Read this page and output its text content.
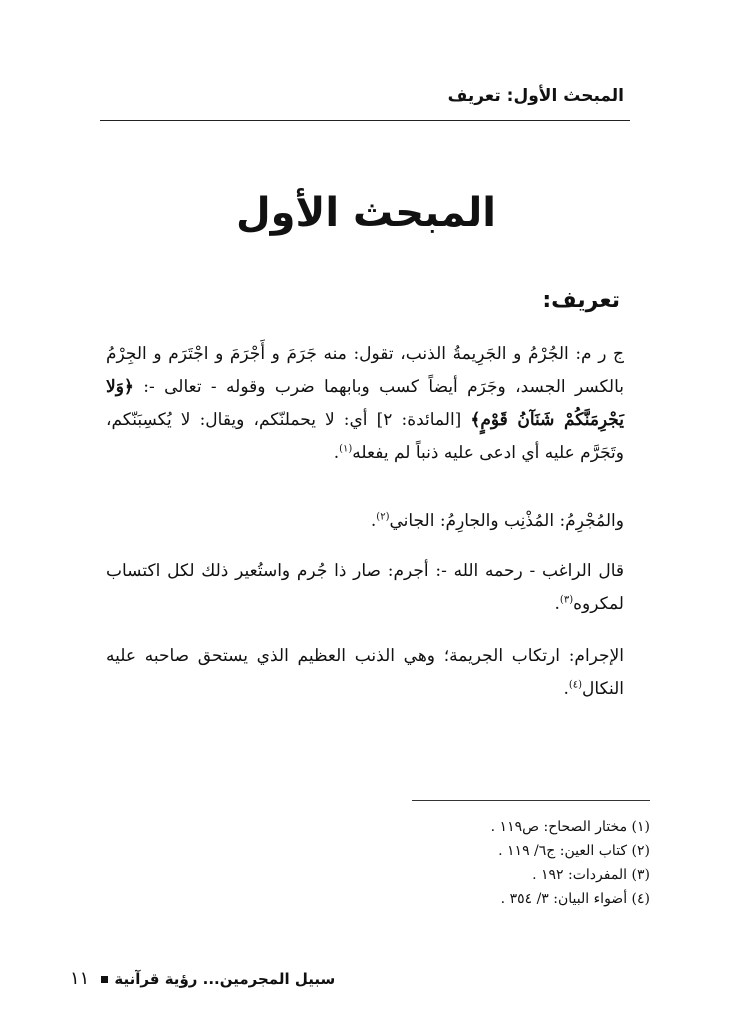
المبحث الأول: تعريف
المبحث الأول
تعريف:

ج ر م: الجُرْمُ و الجَرِيمةُ الذنب، تقول: منه جَرَمَ و أَجْرَمَ و اجْتَرَم و الجِرْمُ بالكسر الجسد، وجَرَم أيضاً كسب وبابهما ضرب وقوله - تعالى -: ﴿وَلا يَجْرِمَنَّكُمْ شَنَآنُ قَوْمٍ﴾ [المائدة: ٢] أي: لا يحملنّكم، ويقال: لا يُكسِبَنّكم، وتَجَرَّم عليه أي ادعى عليه ذنباً لم يفعله$^{(١)}$.

والمُجْرِمُ: المُذْنِب والجارِمُ: الجاني$^{(٢)}$.

قال الراغب - رحمه الله -: أجرم: صار ذا جُرم واستُعير ذلك لكل اكتساب لمكروه$^{(٣)}$.

الإجرام: ارتكاب الجريمة؛ وهي الذنب العظيم الذي يستحق صاحبه عليه النكال$^{(٤)}$.

(١) مختار الصحاح: ص١١٩ .
(٢) كتاب العين: ج٦/ ١١٩ .
(٣) المفردات: ١٩٢ .
(٤) أضواء البيان: ٣/ ٣٥٤ .
سبيل المجرمين... رؤية قرآنية١١
